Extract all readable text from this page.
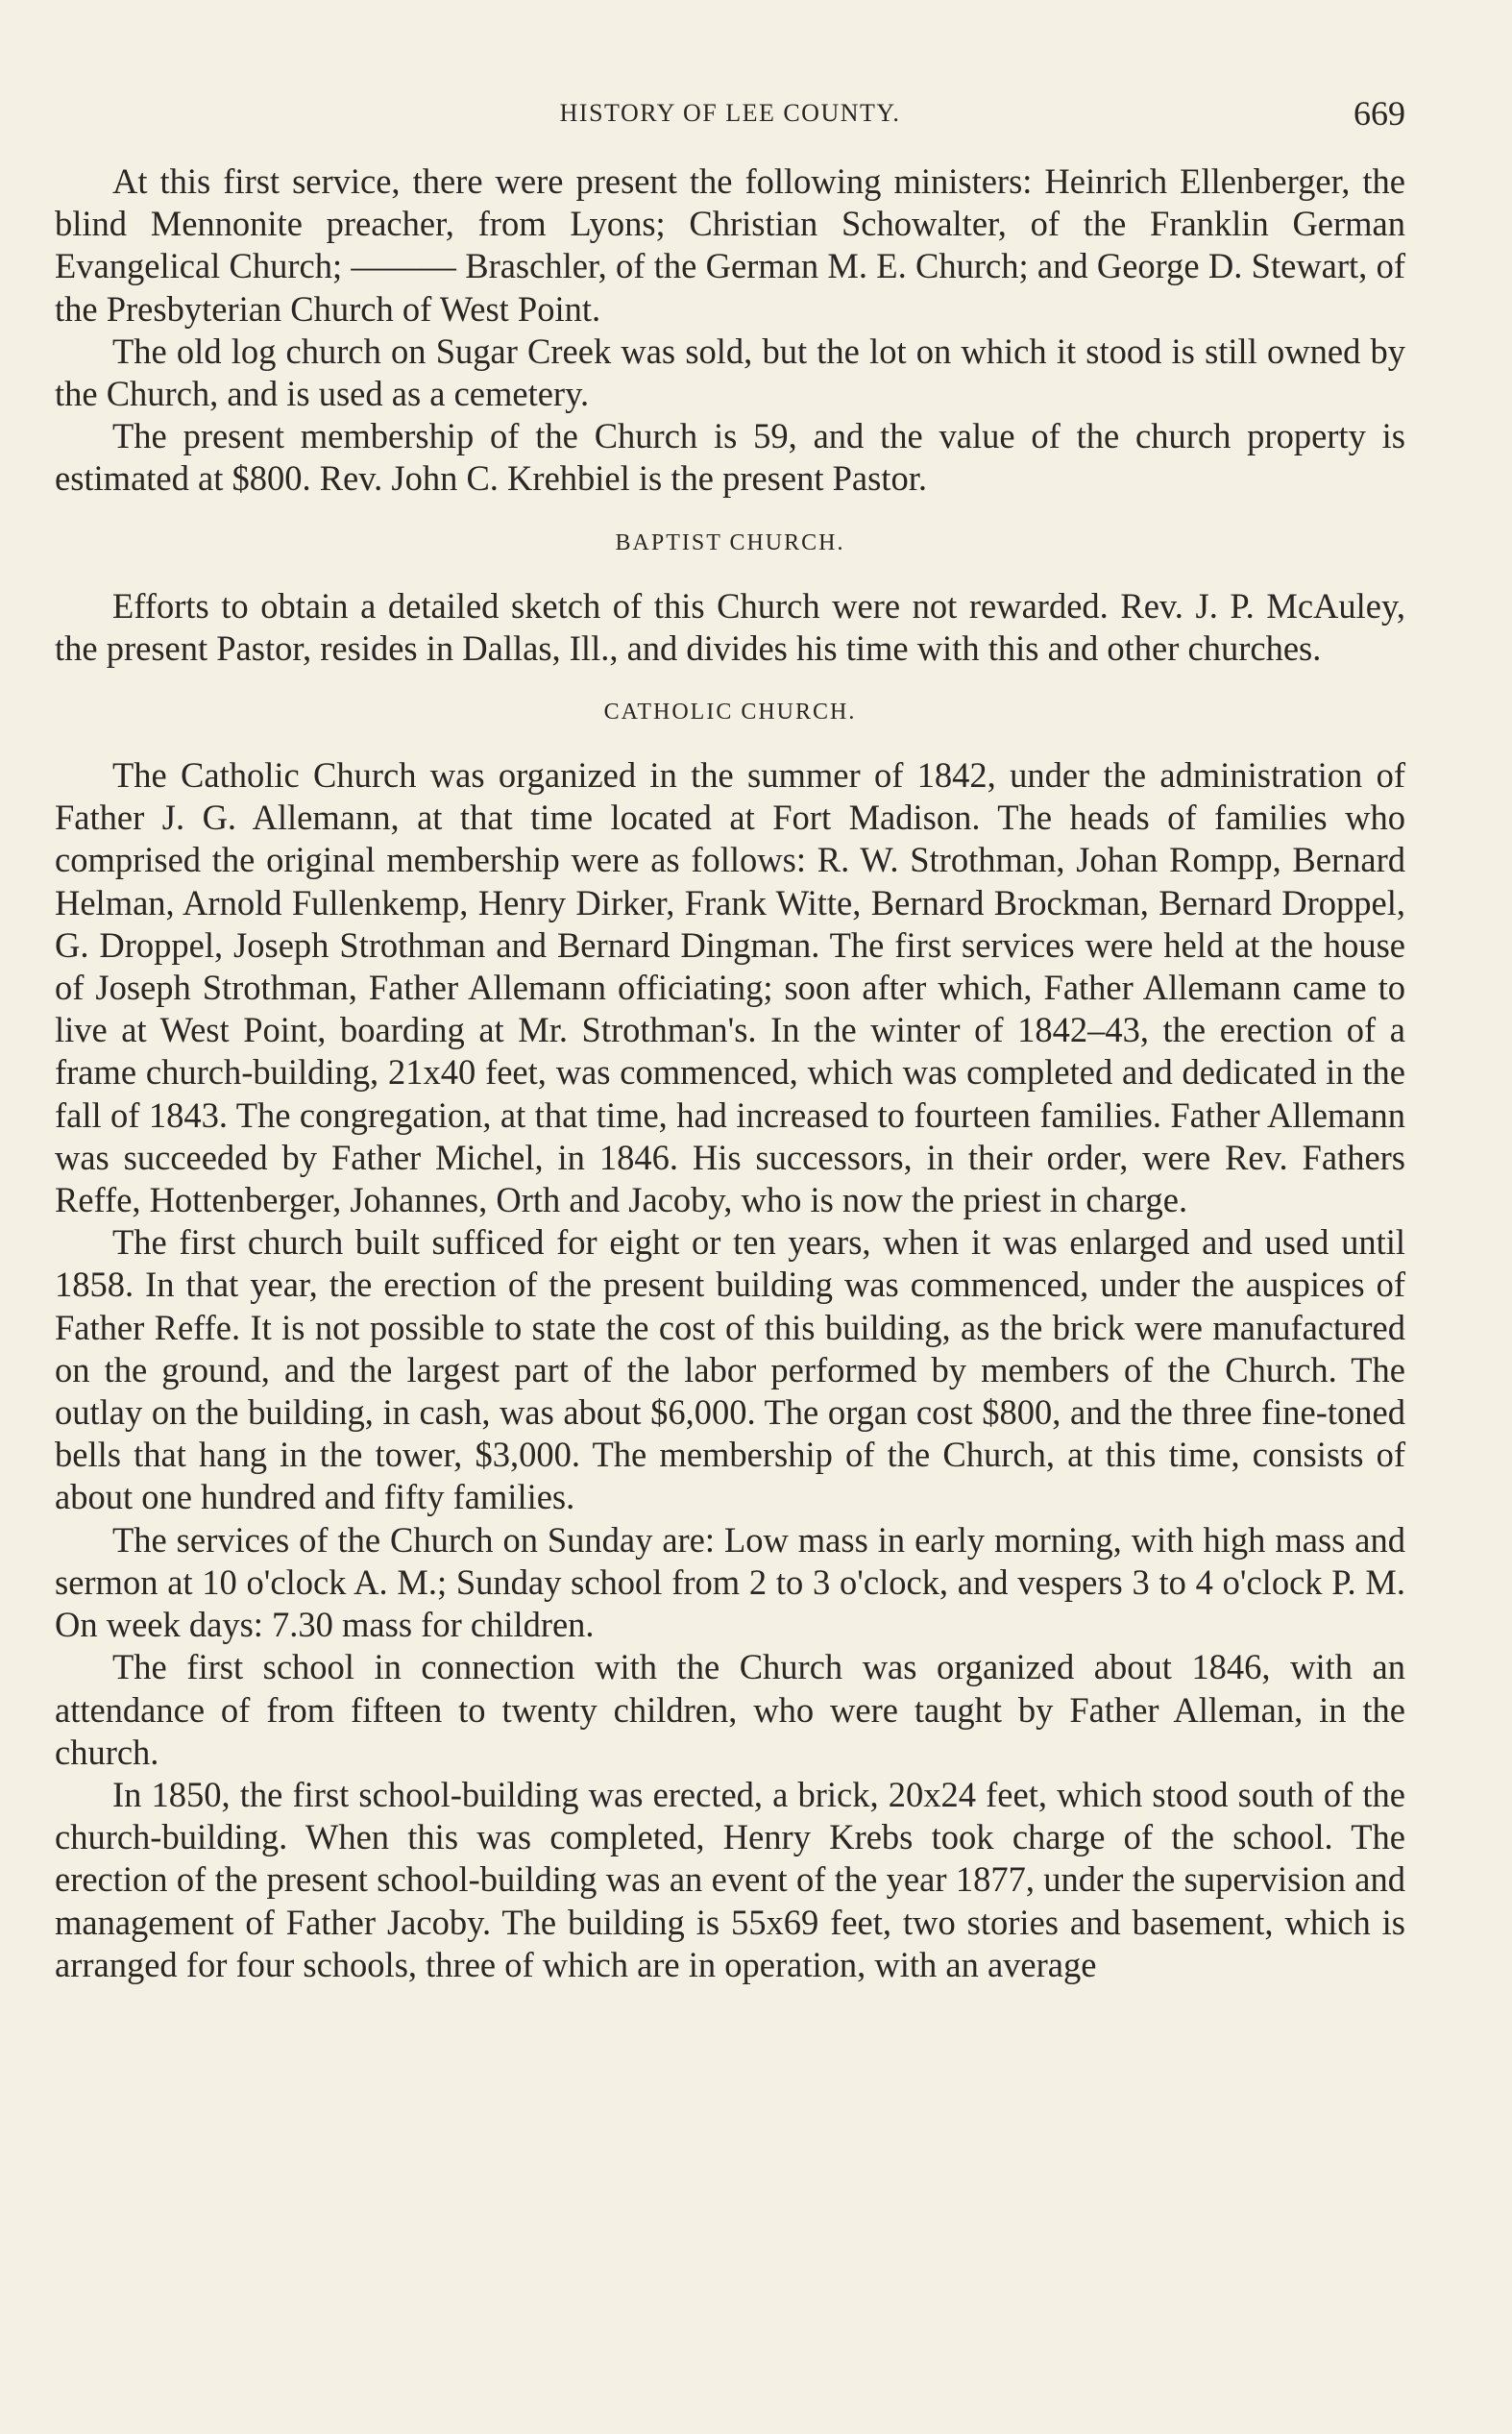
HISTORY OF LEE COUNTY.	669

At this first service, there were present the following ministers: Heinrich Ellenberger, the blind Mennonite preacher, from Lyons; Christian Schowalter, of the Franklin German Evangelical Church; ——— Braschler, of the German M. E. Church; and George D. Stewart, of the Presbyterian Church of West Point.

The old log church on Sugar Creek was sold, but the lot on which it stood is still owned by the Church, and is used as a cemetery.

The present membership of the Church is 59, and the value of the church property is estimated at $800. Rev. John C. Krehbiel is the present Pastor.

BAPTIST CHURCH.

Efforts to obtain a detailed sketch of this Church were not rewarded. Rev. J. P. McAuley, the present Pastor, resides in Dallas, Ill., and divides his time with this and other churches.

CATHOLIC CHURCH.

The Catholic Church was organized in the summer of 1842, under the administration of Father J. G. Allemann, at that time located at Fort Madison. The heads of families who comprised the original membership were as follows: R. W. Strothman, Johan Rompp, Bernard Helman, Arnold Fullenkemp, Henry Dirker, Frank Witte, Bernard Brockman, Bernard Droppel, G. Droppel, Joseph Strothman and Bernard Dingman. The first services were held at the house of Joseph Strothman, Father Allemann officiating; soon after which, Father Allemann came to live at West Point, boarding at Mr. Strothman's. In the winter of 1842–43, the erection of a frame church-building, 21x40 feet, was commenced, which was completed and dedicated in the fall of 1843. The congregation, at that time, had increased to fourteen families. Father Allemann was succeeded by Father Michel, in 1846. His successors, in their order, were Rev. Fathers Reffe, Hottenberger, Johannes, Orth and Jacoby, who is now the priest in charge.

The first church built sufficed for eight or ten years, when it was enlarged and used until 1858. In that year, the erection of the present building was commenced, under the auspices of Father Reffe. It is not possible to state the cost of this building, as the brick were manufactured on the ground, and the largest part of the labor performed by members of the Church. The outlay on the building, in cash, was about $6,000. The organ cost $800, and the three fine-toned bells that hang in the tower, $3,000. The membership of the Church, at this time, consists of about one hundred and fifty families.

The services of the Church on Sunday are: Low mass in early morning, with high mass and sermon at 10 o'clock A. M.; Sunday school from 2 to 3 o'clock, and vespers 3 to 4 o'clock P. M. On week days: 7.30 mass for children.

The first school in connection with the Church was organized about 1846, with an attendance of from fifteen to twenty children, who were taught by Father Alleman, in the church.

In 1850, the first school-building was erected, a brick, 20x24 feet, which stood south of the church-building. When this was completed, Henry Krebs took charge of the school. The erection of the present school-building was an event of the year 1877, under the supervision and management of Father Jacoby. The building is 55x69 feet, two stories and basement, which is arranged for four schools, three of which are in operation, with an average
